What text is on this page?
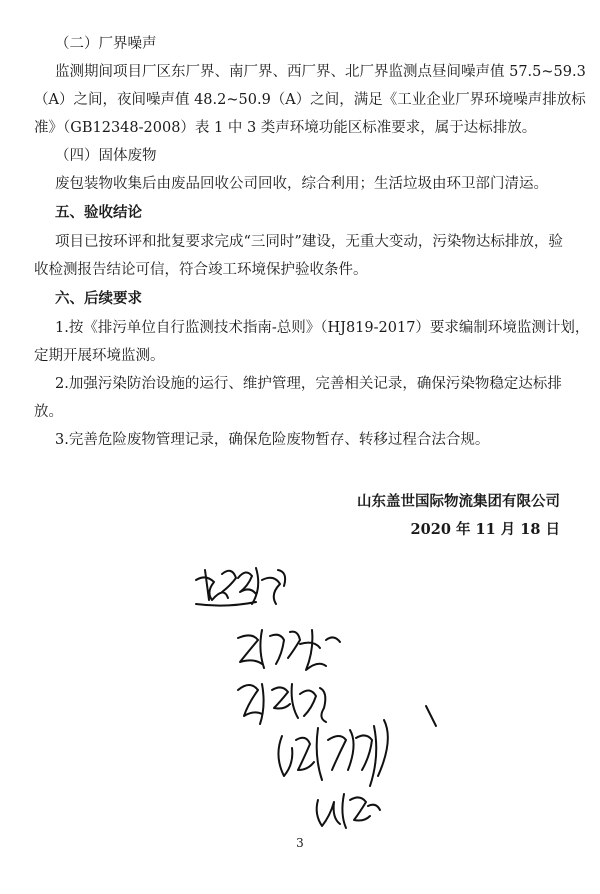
（二）厂界噪声

监测期间项目厂区东厂界、南厂界、西厂界、北厂界监测点昼间噪声值 57.5~59.3

（A）之间，夜间噪声值 48.2~50.9（A）之间，满足《工业企业厂界环境噪声排放标

准》（GB12348-2008）表 1 中 3 类声环境功能区标准要求，属于达标排放。

（四）固体废物

废包装物收集后由废品回收公司回收，综合利用；生活垃圾由环卫部门清运。

五、验收结论

项目已按环评和批复要求完成“三同时”建设，无重大变动，污染物达标排放，验

收检测报告结论可信，符合竣工环境保护验收条件。

六、后续要求

1.按《排污单位自行监测技术指南-总则》（HJ819-2017）要求编制环境监测计划，

定期开展环境监测。

2.加强污染防治设施的运行、维护管理，完善相关记录，确保污染物稳定达标排

放。

3.完善危险废物管理记录，确保危险废物暂存、转移过程合法合规。

山东盖世国际物流集团有限公司

2020 年 11 月 18 日

3
